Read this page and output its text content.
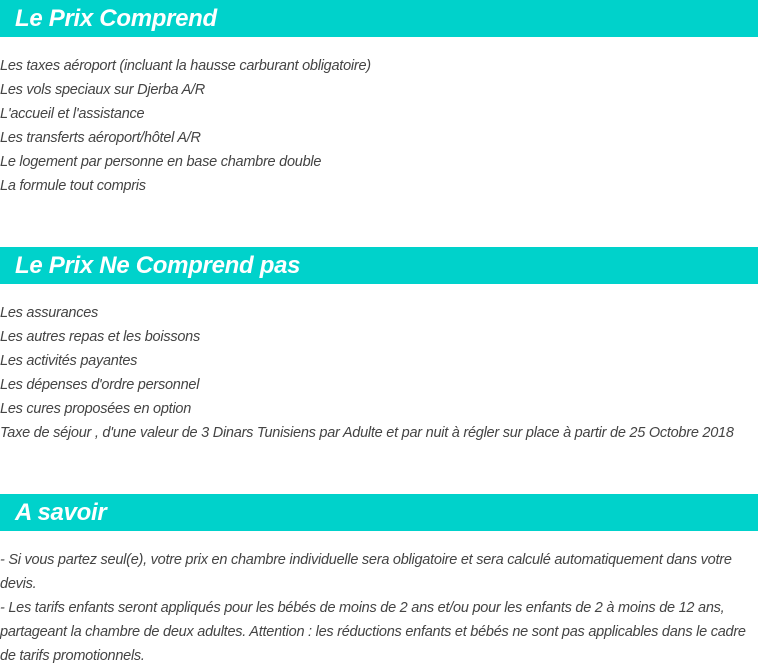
Le Prix Comprend
Les taxes aéroport (incluant la hausse carburant obligatoire)
Les vols speciaux sur Djerba A/R
L'accueil et l'assistance
Les transferts aéroport/hôtel A/R
Le logement par personne en base chambre double
La formule tout compris
Le Prix Ne Comprend pas
Les assurances
Les autres repas et les boissons
Les activités payantes
Les dépenses d'ordre personnel
Les cures proposées en option
Taxe de séjour , d'une valeur de 3 Dinars Tunisiens par Adulte et par nuit à régler sur place à partir de 25 Octobre 2018
A savoir

- Si vous partez seul(e), votre prix en chambre individuelle sera obligatoire et sera calculé automatiquement dans votre devis.

- Les tarifs enfants seront appliqués pour les bébés de moins de 2 ans et/ou pour les enfants de 2 à moins de 12 ans, partageant la chambre de deux adultes. Attention : les réductions enfants et bébés ne sont pas applicables dans le cadre de tarifs promotionnels.
